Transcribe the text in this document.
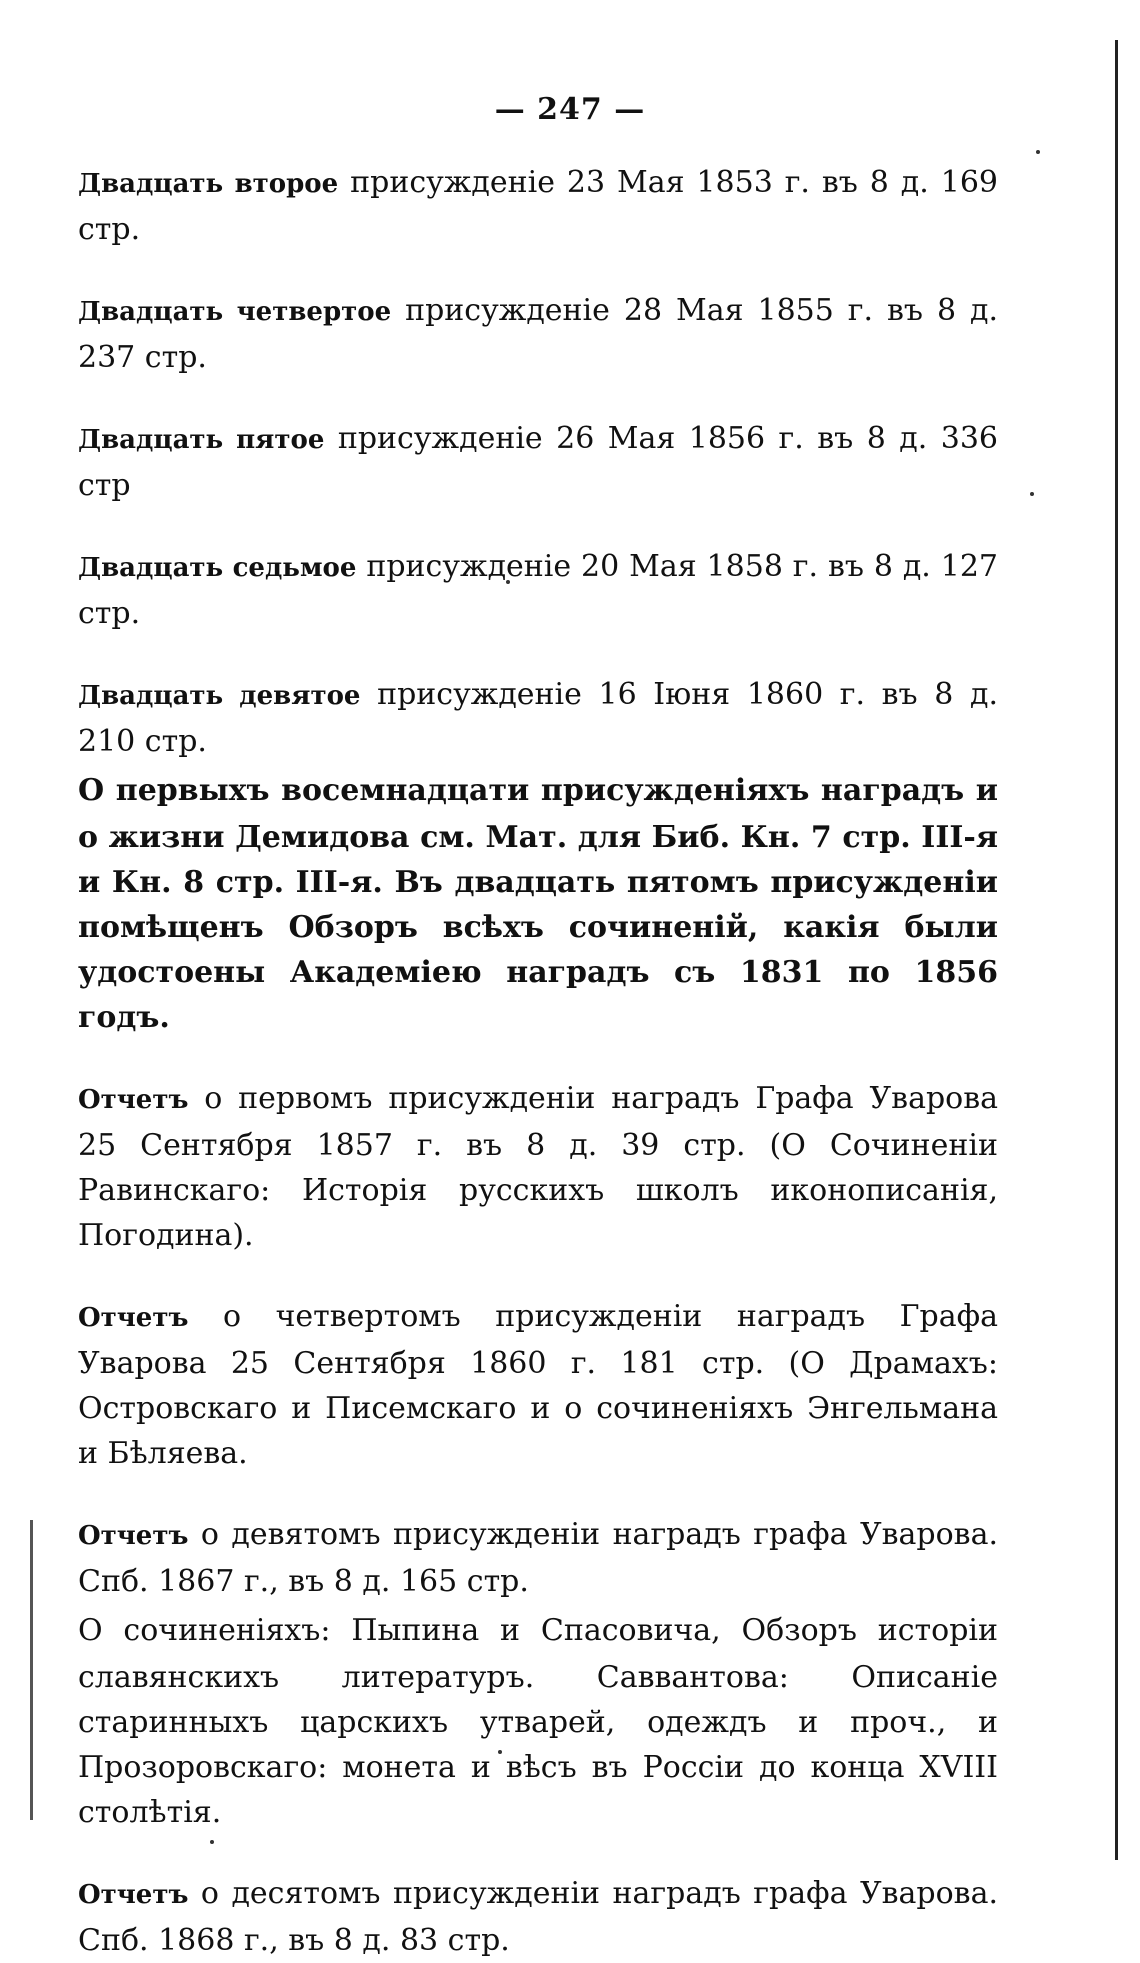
— 247 —

Двадцать второе присужденіе 23 Мая 1853 г. въ 8 д. 169 стр.

Двадцать четвертое присужденіе 28 Мая 1855 г. въ 8 д. 237 стр.

Двадцать пятое присужденіе 26 Мая 1856 г. въ 8 д. 336 стр

Двадцать седьмое присужденіе 20 Мая 1858 г. въ 8 д. 127 стр.

Двадцать девятое присужденіе 16 Іюня 1860 г. въ 8 д. 210 стр.

О первыхъ восемнадцати присужденіяхъ наградъ и о жизни Демидова см. Мат. для Биб. Кн. 7 стр. III-я и Кн. 8 стр. III-я. Въ двадцать пятомъ присужденіи помѣщенъ Обзоръ всѣхъ сочиненій, какія были удостоены Академіею наградъ съ 1831 по 1856 годъ.

Отчетъ о первомъ присужденіи наградъ Графа Уварова 25 Сентября 1857 г. въ 8 д. 39 стр. (О Сочиненіи Равинскаго: Исторія русскихъ школъ иконописанія, Погодина).

Отчетъ о четвертомъ присужденіи наградъ Графа Уварова 25 Сентября 1860 г. 181 стр. (О Драмахъ: Островскаго и Писемскаго и о сочиненіяхъ Энгельмана и Бѣляева.

Отчетъ о девятомъ присужденіи наградъ графа Уварова. Спб. 1867 г., въ 8 д. 165 стр.

О сочиненіяхъ: Пыпина и Спасовича, Обзоръ исторіи славянскихъ литературъ. Саввантова: Описаніе старинныхъ царскихъ утварей, одеждъ и проч., и Прозоровскаго: монета и вѣсъ въ Россіи до конца XVIII столѣтія.

Отчетъ о десятомъ присужденіи наградъ графа Уварова. Спб. 1868 г., въ 8 д. 83 стр.
